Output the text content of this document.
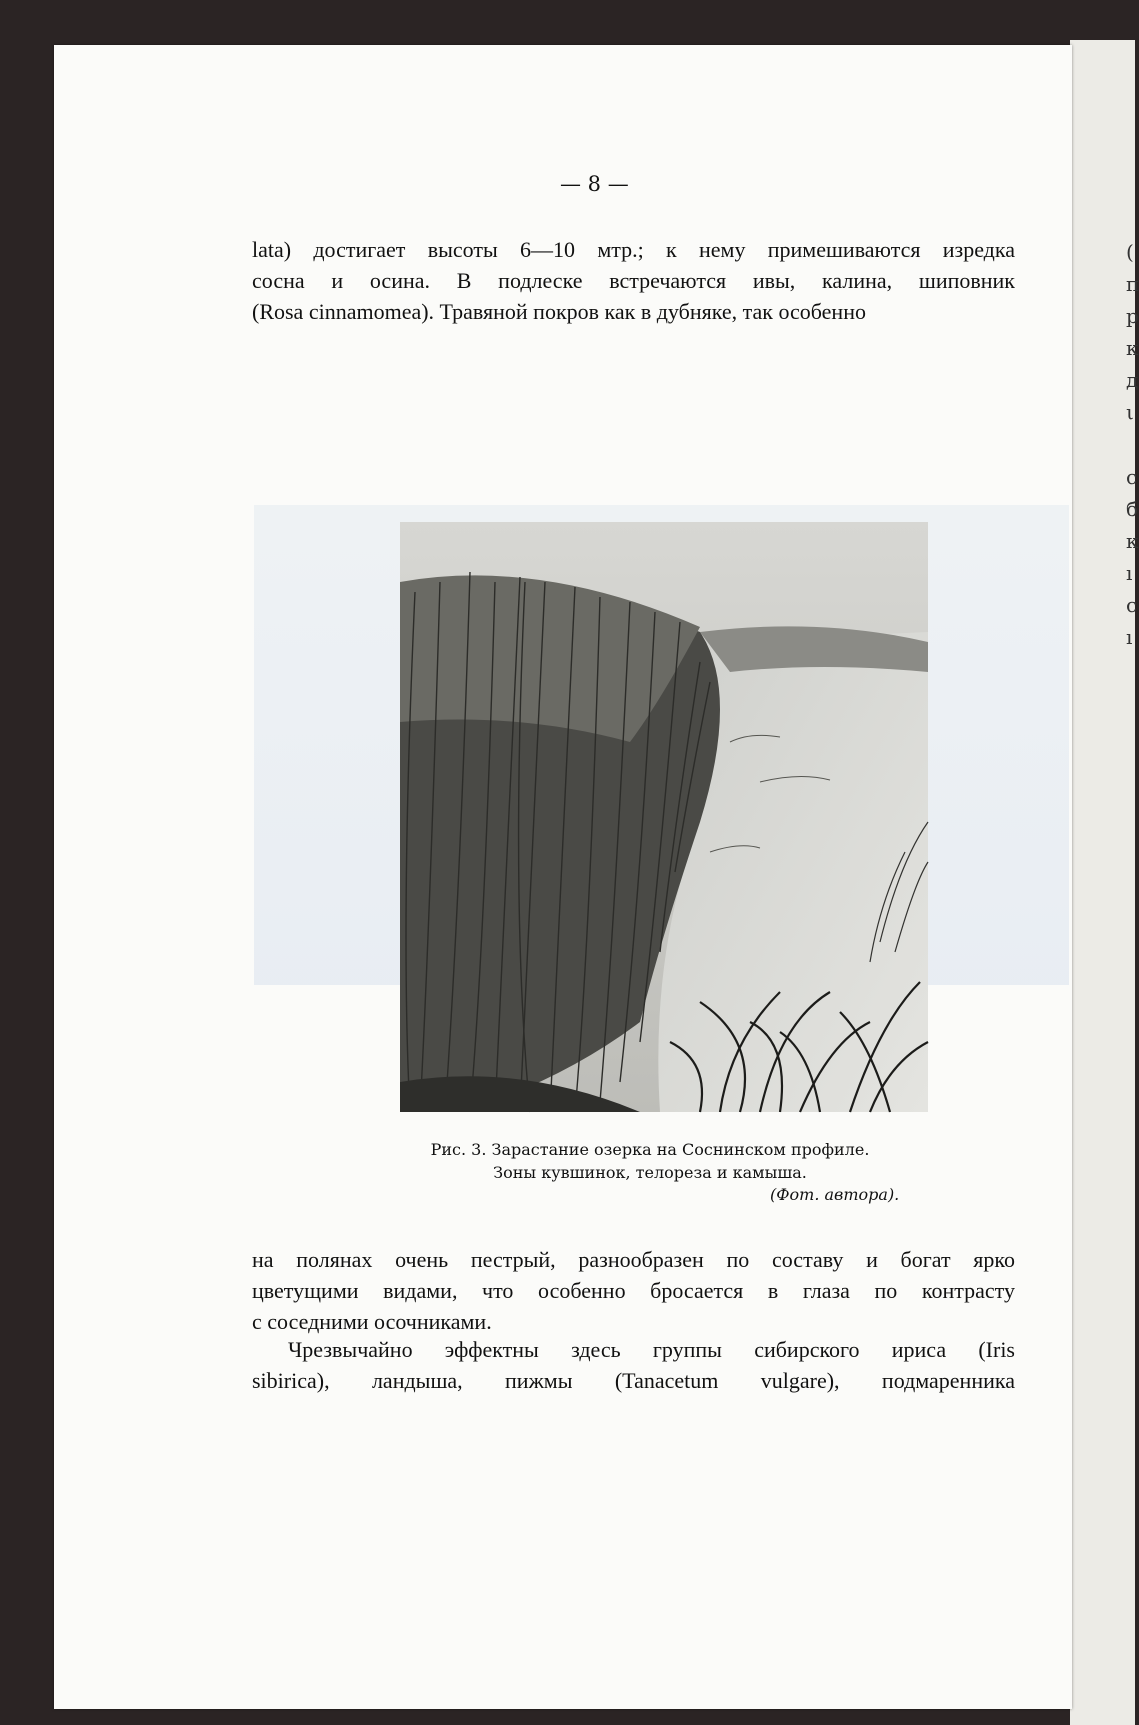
(
п
р
к
д
ι
с
б
к
ı
с
ı
— 8 —

lata) достигает высоты 6—10 мтр.; к нему примешиваются изредка
сосна и осина. В подлеске встречаются ивы, калина, шиповник
(Rosa cinnamomea). Травяной покров как в дубняке, так особенно

Рис. 3. Зарастание озерка на Соснинском профиле.
Зоны кувшинок, телореза и камыша.
(Фот. автора).

на полянах очень пестрый, разнообразен по составу и богат ярко
цветущими видами, что особенно бросается в глаза по контрасту
с соседними осочниками.

Чрезвычайно эффектны здесь группы сибирского ириса (Iris
sibirica), ландыша, пижмы (Tanacetum vulgare), подмаренника
